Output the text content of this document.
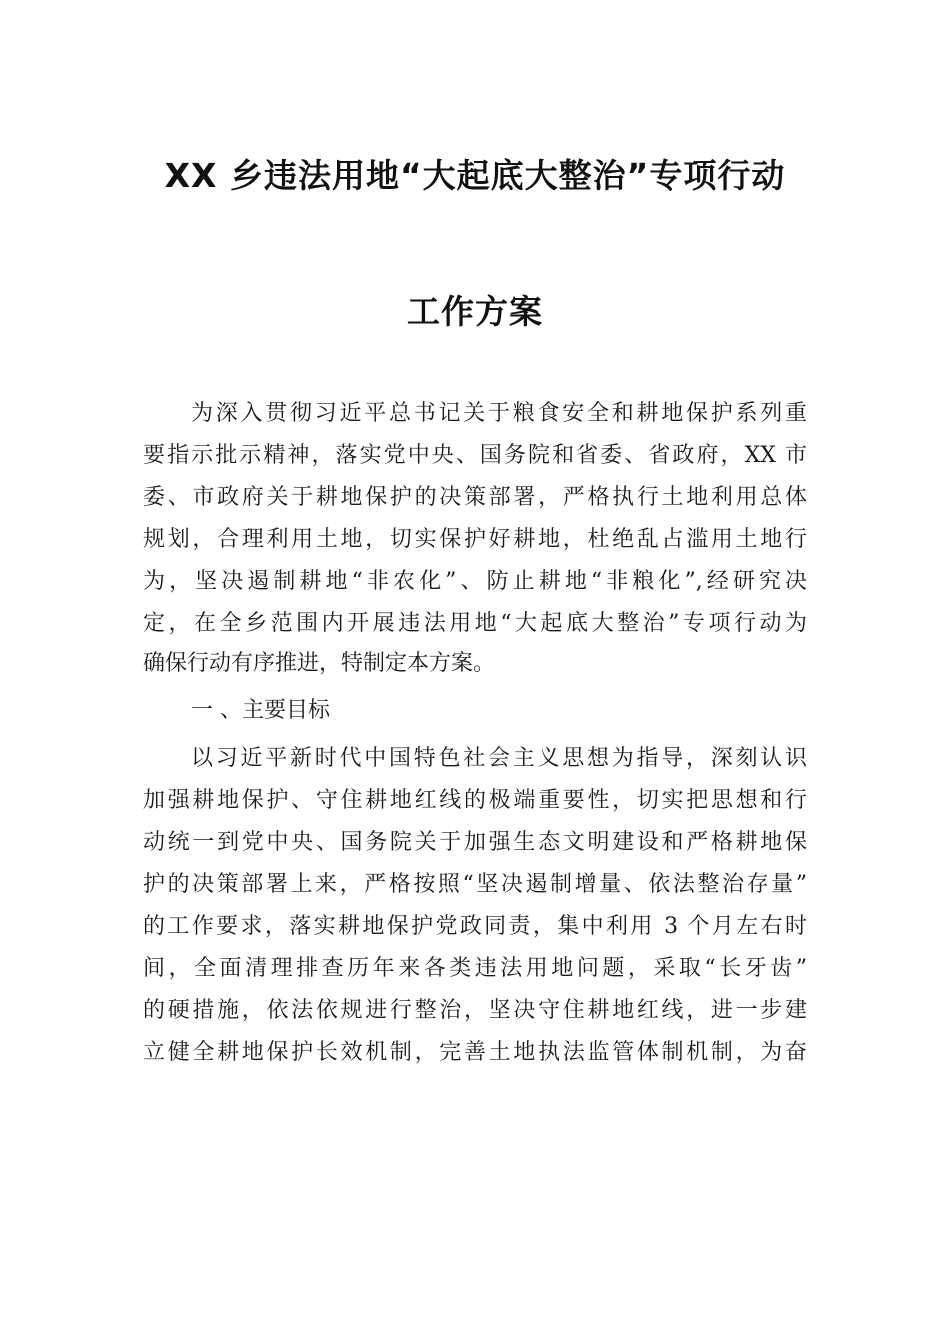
XX 乡违法用地“大起底大整治”专项行动
工作方案
为深入贯彻习近平总书记关于粮食安全和耕地保护系列重
要指示批示精神，落实党中央、国务院和省委、省政府，XX 市
委、市政府关于耕地保护的决策部署，严格执行土地利用总体
规划，合理利用土地，切实保护好耕地，杜绝乱占滥用土地行
为，坚决遏制耕地“非农化”、防止耕地“非粮化”,经研究决
定，在全乡范围内开展违法用地“大起底大整治”专项行动为
确保行动有序推进，特制定本方案。
一 、主要目标
以习近平新时代中国特色社会主义思想为指导，深刻认识
加强耕地保护、守住耕地红线的极端重要性，切实把思想和行
动统一到党中央、国务院关于加强生态文明建设和严格耕地保
护的决策部署上来，严格按照“坚决遏制增量、依法整治存量”
的工作要求，落实耕地保护党政同责，集中利用 3 个月左右时
间，全面清理排查历年来各类违法用地问题，采取“长牙齿”
的硬措施，依法依规进行整治，坚决守住耕地红线，进一步建
立健全耕地保护长效机制，完善土地执法监管体制机制，为奋
